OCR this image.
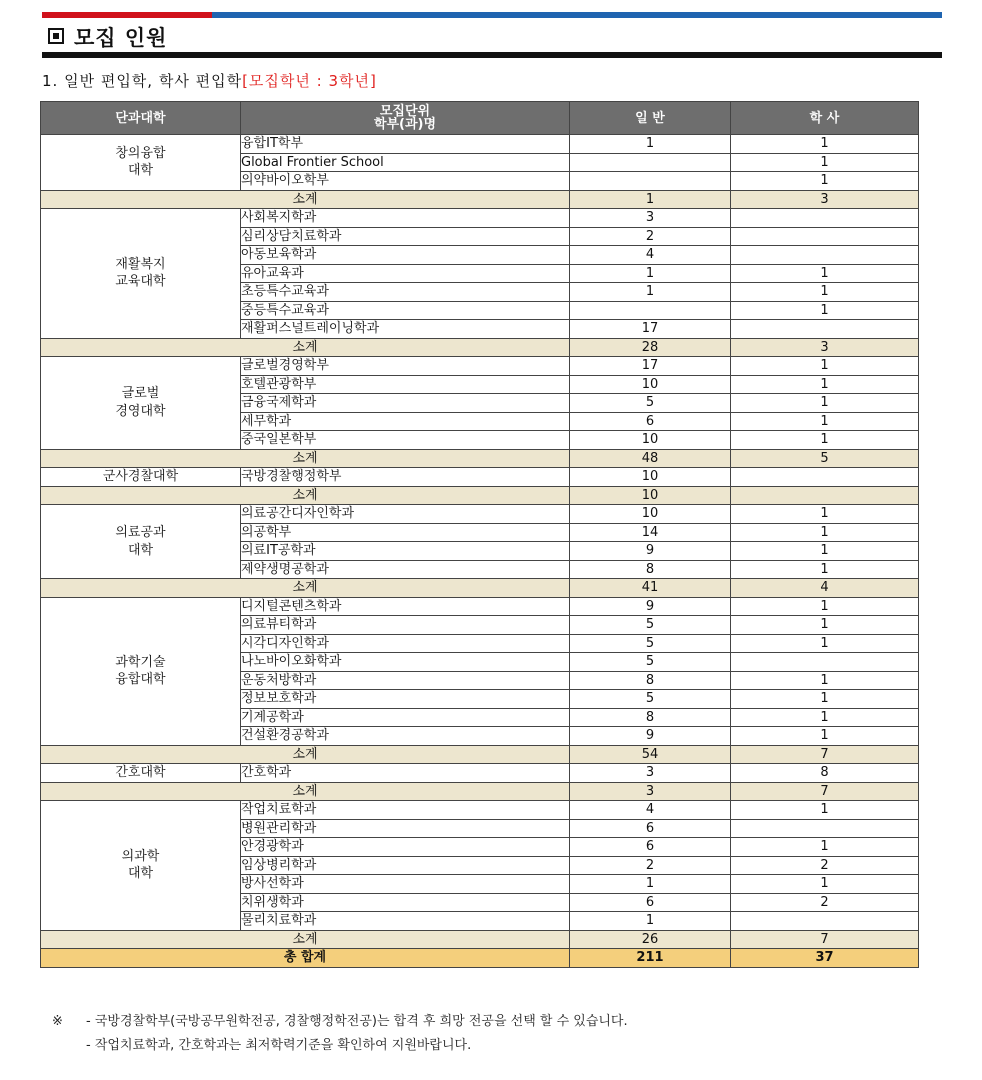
모집 인원
1. 일반 편입학, 학사 편입학[모집학년 : 3학년]
단과대학	모집단위
학부(과)명	일 반	학 사

창의융합
대학	융합IT학부	1	1
	Global Frontier School		1
	의약바이오학부		1
소계		1	3

재활복지
교육대학	사회복지학과	3	
	심리상담치료학과	2	
	아동보육학과	4	
	유아교육과	1	1
	초등특수교육과	1	1
	중등특수교육과		1
	재활퍼스널트레이닝학과	17	
소계		28	3

글로벌
경영대학	글로벌경영학부	17	1
	호텔관광학부	10	1
	금융국제학과	5	1
	세무학과	6	1
	중국일본학부	10	1
소계		48	5

군사경찰대학	국방경찰행정학부	10	
소계		10	

의료공과
대학	의료공간디자인학과	10	1
	의공학부	14	1
	의료IT공학과	9	1
	제약생명공학과	8	1
소계		41	4

과학기술
융합대학	디지털콘텐츠학과	9	1
	의료뷰티학과	5	1
	시각디자인학과	5	1
	나노바이오화학과	5	
	운동처방학과	8	1
	정보보호학과	5	1
	기계공학과	8	1
	건설환경공학과	9	1
소계		54	7

간호대학	간호학과	3	8
소계		3	7

의과학
대학	작업치료학과	4	1
	병원관리학과	6	
	안경광학과	6	1
	임상병리학과	2	2
	방사선학과	1	1
	치위생학과	6	2
	물리치료학과	1	
소계		26	7
총 합계		211	37
※ - 국방경찰학부(국방공무원학전공, 경찰행정학전공)는 합격 후 희망 전공을 선택 할 수 있습니다.
- 작업치료학과, 간호학과는 최저학력기준을 확인하여 지원바랍니다.
